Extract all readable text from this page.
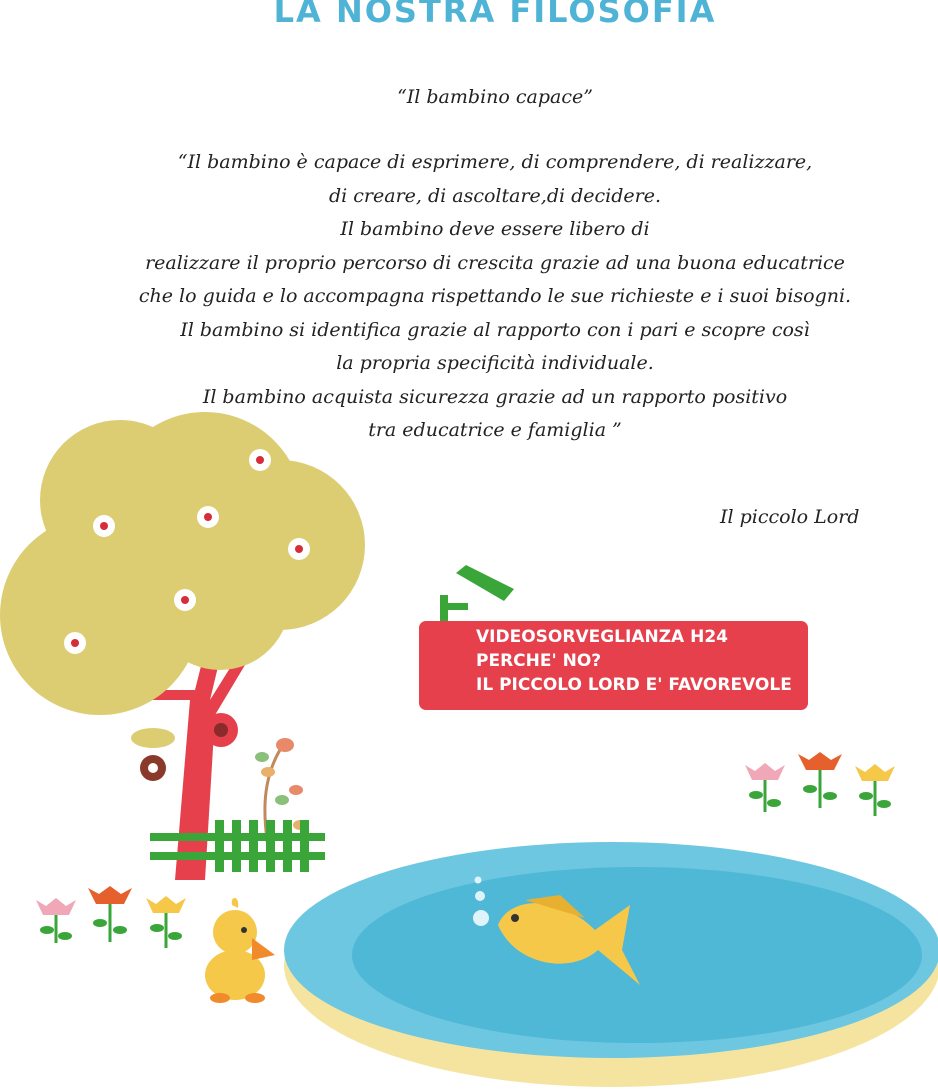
LA NOSTRA FILOSOFIA
“Il bambino capace”
“Il bambino è capace di esprimere, di comprendere, di realizzare,
di creare, di ascoltare,di decidere.
Il bambino deve essere libero di
realizzare il proprio percorso di crescita grazie ad una buona educatrice
che lo guida e lo accompagna rispettando le sue richieste e i suoi bisogni.
Il bambino si identifica grazie al rapporto con i pari e scopre così
la propria specificità individuale.
Il bambino acquista sicurezza grazie ad un rapporto positivo
tra educatrice e famiglia ”
Il piccolo Lord
VIDEOSORVEGLIANZA H24
PERCHE' NO?
IL PICCOLO LORD E' FAVOREVOLE
